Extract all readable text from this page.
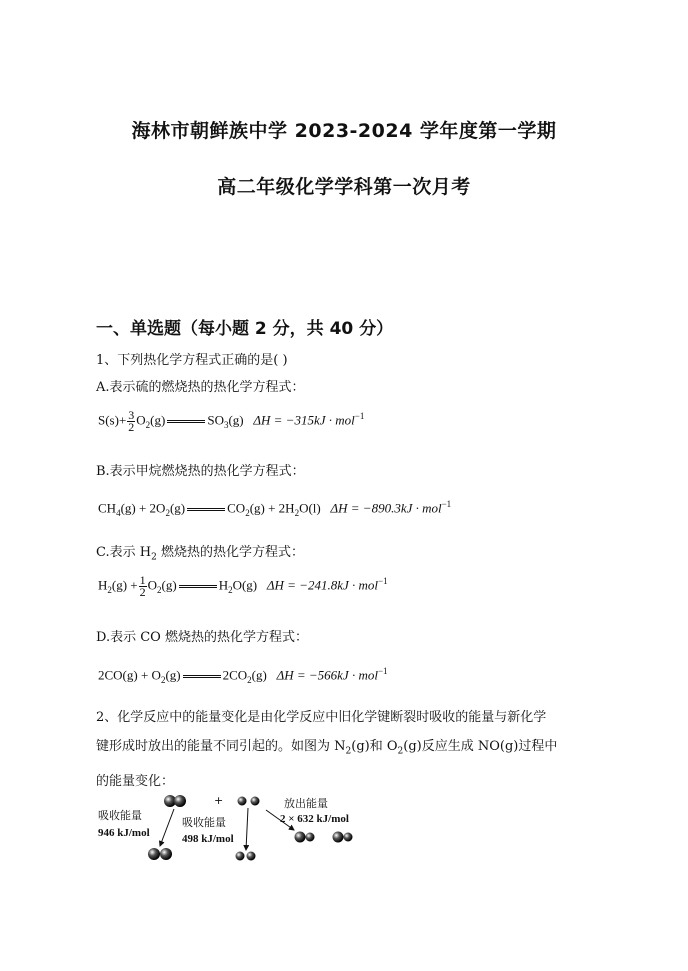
海林市朝鲜族中学 2023-2024 学年度第一学期
高二年级化学学科第一次月考
一、单选题（每小题 2 分，共 40 分）
1、下列热化学方程式正确的是( )
A.表示硫的燃烧热的热化学方程式：
$S(s)+ \frac{3}{2} O_2(g)$	$SO_3(g) \Delta H = -315kJ \cdot mol^{-1}$
B.表示甲烷燃烧热的热化学方程式：
$CH_4(g) + 2O_2(g)$	$CO_2(g) + 2H_2O(l) \Delta H = -890.3kJ \cdot mol^{-1}$
C.表示 $H_2$ 燃烧热的热化学方程式：
$H_2(g) + \frac{1}{2} O_2(g)$	$H_2O(g) \Delta H = -241.8kJ \cdot mol^{-1}$
D.表示 CO 燃烧热的热化学方程式：
$2CO(g) + O_2(g)$	$2CO_2(g) \Delta H = -566kJ \cdot mol^{-1}$
2、化学反应中的能量变化是由化学反应中旧化学键断裂时吸收的能量与新化学
键形成时放出的能量不同引起的。如图为 $N_2(g)$和 $O_2(g)$反应生成 NO(g)过程中
的能量变化：
+
吸收能量
946 kJ/mol
吸收能量
498 kJ/mol
放出能量
2 × 632 kJ/mol
